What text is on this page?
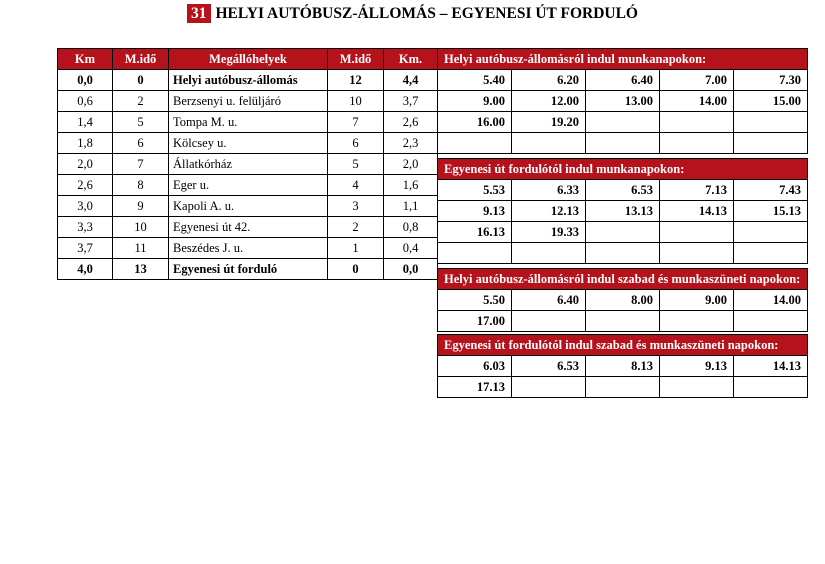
31 HELYI AUTÓBUSZ-ÁLLOMÁS – EGYENESI ÚT FORDULÓ
Km	M.idő	Megállóhelyek	M.idő	Km.
0,0	0	Helyi autóbusz-állomás	12	4,4
0,6	2	Berzsenyi u. felüljáró	10	3,7
1,4	5	Tompa M. u.	7	2,6
1,8	6	Kölcsey u.	6	2,3
2,0	7	Állatkórház	5	2,0
2,6	8	Eger u.	4	1,6
3,0	9	Kapoli A. u.	3	1,1
3,3	10	Egyenesi út 42.	2	0,8
3,7	11	Beszédes J. u.	1	0,4
4,0	13	Egyenesi út forduló	0	0,0
Helyi autóbusz-állomásról indul munkanapokon:				
5.40	6.20	6.40	7.00	7.30
9.00	12.00	13.00	14.00	15.00
16.00	19.20			

Egyenesi út fordulótól indul munkanapokon:				
5.53	6.33	6.53	7.13	7.43
9.13	12.13	13.13	14.13	15.13
16.13	19.33			

Helyi autóbusz-állomásról indul szabad és munkaszüneti napokon:				
5.50	6.40	8.00	9.00	14.00
17.00				
Egyenesi út fordulótól indul szabad és munkaszüneti napokon:				
6.03	6.53	8.13	9.13	14.13
17.13				
